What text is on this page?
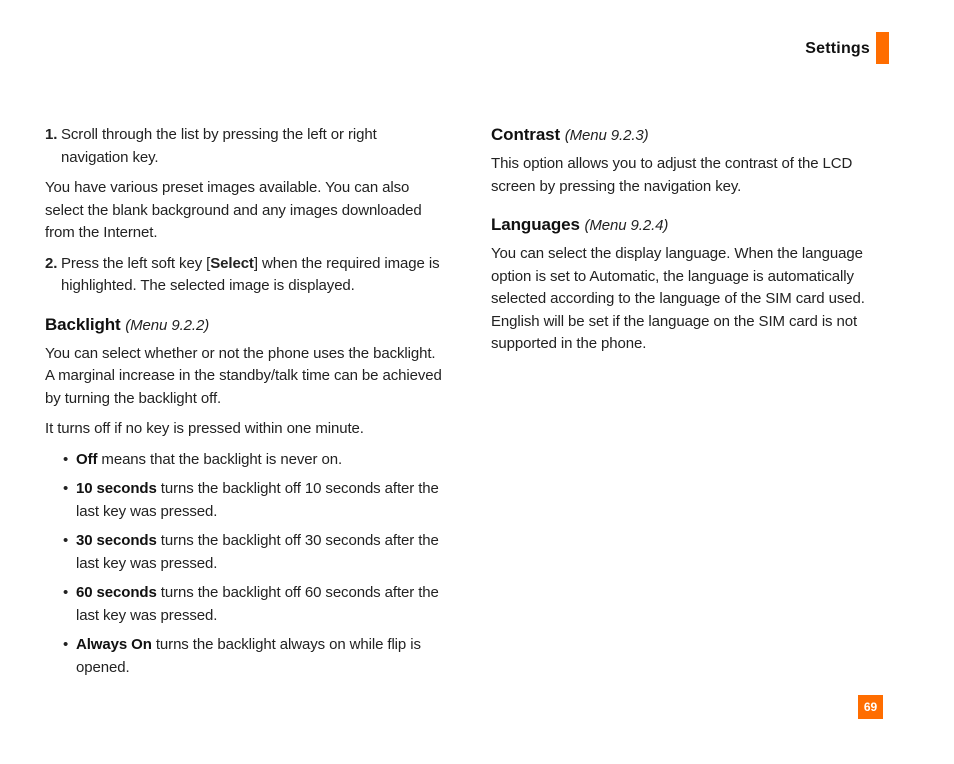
Settings
1. Scroll through the list by pressing the left or right navigation key.

You have various preset images available. You can also select the blank background and any images downloaded from the Internet.

2. Press the left soft key [Select] when the required image is highlighted. The selected image is displayed.
Backlight (Menu 9.2.2)

You can select whether or not the phone uses the backlight. A marginal increase in the standby/talk time can be achieved by turning the backlight off.

It turns off if no key is pressed within one minute.

• Off means that the backlight is never on.
• 10 seconds turns the backlight off 10 seconds after the last key was pressed.
• 30 seconds turns the backlight off 30 seconds after the last key was pressed.
• 60 seconds turns the backlight off 60 seconds after the last key was pressed.
• Always On turns the backlight always on while flip is opened.
Contrast (Menu 9.2.3)

This option allows you to adjust the contrast of the LCD screen by pressing the navigation key.

Languages (Menu 9.2.4)

You can select the display language. When the language option is set to Automatic, the language is automatically selected according to the language of the SIM card used. English will be set if the language on the SIM card is not supported in the phone.

69
